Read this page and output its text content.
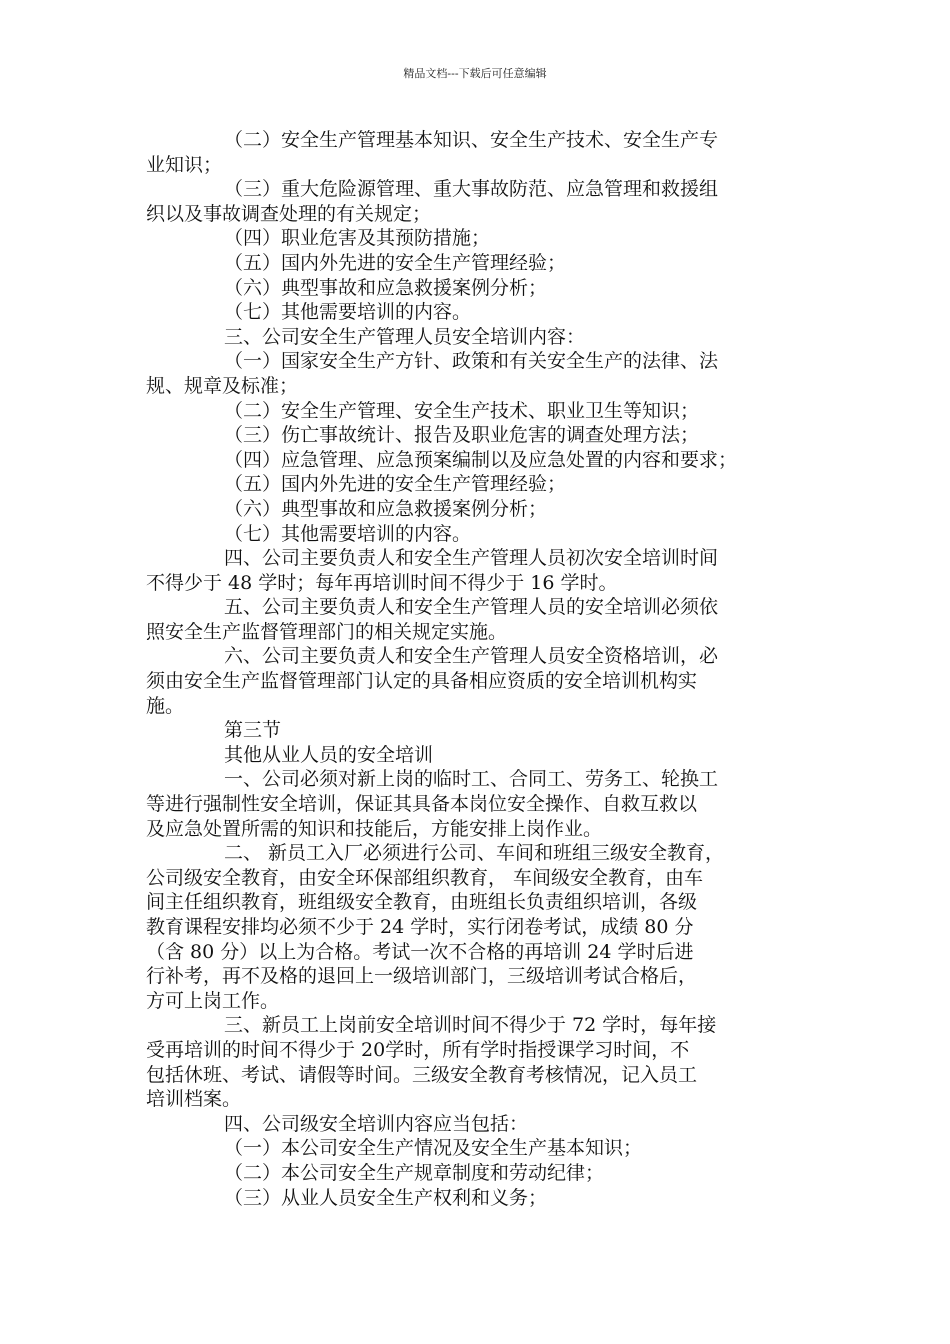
精品文档---下载后可任意编辑

（二）安全生产管理基本知识、安全生产技术、安全生产专

业知识；

（三）重大危险源管理、重大事故防范、应急管理和救援组

织以及事故调查处理的有关规定；

（四）职业危害及其预防措施；

（五）国内外先进的安全生产管理经验；

（六）典型事故和应急救援案例分析；

（七）其他需要培训的内容。

三、公司安全生产管理人员安全培训内容：

（一）国家安全生产方针、政策和有关安全生产的法律、法

规、规章及标准；

（二）安全生产管理、安全生产技术、职业卫生等知识；

（三）伤亡事故统计、报告及职业危害的调查处理方法；

（四）应急管理、应急预案编制以及应急处置的内容和要求；

（五）国内外先进的安全生产管理经验；

（六）典型事故和应急救援案例分析；

（七）其他需要培训的内容。

四、公司主要负责人和安全生产管理人员初次安全培训时间

不得少于 48 学时；每年再培训时间不得少于 16 学时。

五、公司主要负责人和安全生产管理人员的安全培训必须依

照安全生产监督管理部门的相关规定实施。

六、公司主要负责人和安全生产管理人员安全资格培训，必

须由安全生产监督管理部门认定的具备相应资质的安全培训机构实

施。

第三节

其他从业人员的安全培训

一、公司必须对新上岗的临时工、合同工、劳务工、轮换工

等进行强制性安全培训，保证其具备本岗位安全操作、自救互救以

及应急处置所需的知识和技能后，方能安排上岗作业。

二、 新员工入厂必须进行公司、车间和班组三级安全教育，

公司级安全教育，由安全环保部组织教育， 车间级安全教育，由车

间主任组织教育，班组级安全教育，由班组长负责组织培训，各级

教育课程安排均必须不少于 24 学时，实行闭卷考试，成绩 80 分

（含 80 分）以上为合格。考试一次不合格的再培训 24 学时后进

行补考，再不及格的退回上一级培训部门，三级培训考试合格后，

方可上岗工作。

三、新员工上岗前安全培训时间不得少于 72 学时，每年接

受再培训的时间不得少于 20学时，所有学时指授课学习时间，不

包括休班、考试、请假等时间。三级安全教育考核情况，记入员工

培训档案。

四、公司级安全培训内容应当包括：

（一）本公司安全生产情况及安全生产基本知识；

（二）本公司安全生产规章制度和劳动纪律；

（三）从业人员安全生产权利和义务；
